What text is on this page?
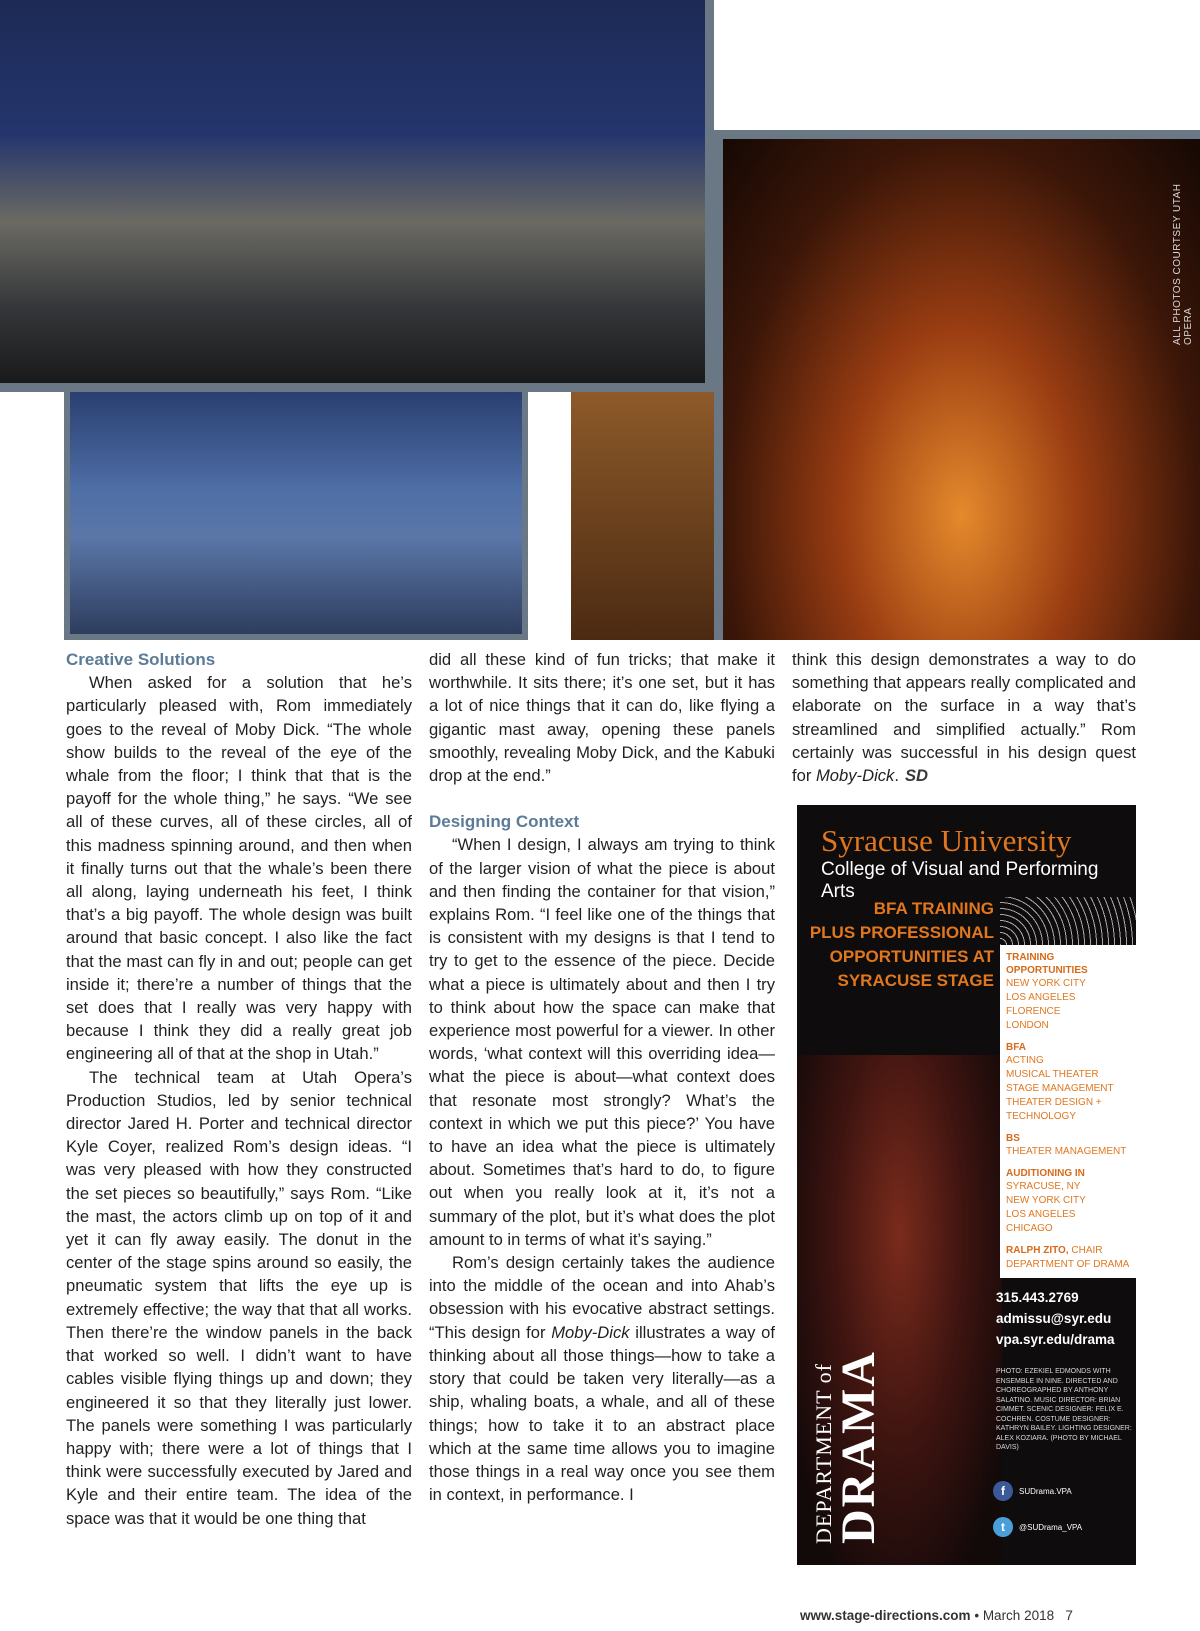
ALL PHOTOS COURTSEY UTAH OPERA
Creative Solutions

When asked for a solution that he’s particularly pleased with, Rom immediately goes to the reveal of Moby Dick. “The whole show builds to the reveal of the eye of the whale from the floor; I think that that is the payoff for the whole thing,” he says. “We see all of these curves, all of these circles, all of this madness spinning around, and then when it finally turns out that the whale’s been there all along, laying underneath his feet, I think that’s a big payoff. The whole design was built around that basic concept. I also like the fact that the mast can fly in and out; people can get inside it; there’re a number of things that the set does that I really was very happy with because I think they did a really great job engineering all of that at the shop in Utah.”

The technical team at Utah Opera’s Production Studios, led by senior technical director Jared H. Porter and technical director Kyle Coyer, realized Rom’s design ideas. “I was very pleased with how they constructed the set pieces so beautifully,” says Rom. “Like the mast, the actors climb up on top of it and yet it can fly away easily. The donut in the center of the stage spins around so easily, the pneumatic system that lifts the eye up is extremely effective; the way that that all works. Then there’re the window panels in the back that worked so well. I didn’t want to have cables visible flying things up and down; they engineered it so that they literally just lower. The panels were something I was particularly happy with; there were a lot of things that I think were successfully executed by Jared and Kyle and their entire team. The idea of the space was that it would be one thing that

did all these kind of fun tricks; that make it worthwhile. It sits there; it’s one set, but it has a lot of nice things that it can do, like flying a gigantic mast away, opening these panels smoothly, revealing Moby Dick, and the Kabuki drop at the end.”

Designing Context

“When I design, I always am trying to think of the larger vision of what the piece is about and then finding the container for that vision,” explains Rom. “I feel like one of the things that is consistent with my designs is that I tend to try to get to the essence of the piece. Decide what a piece is ultimately about and then I try to think about how the space can make that experience most powerful for a viewer. In other words, ‘what context will this overriding idea—what the piece is about—what context does that resonate most strongly? What’s the context in which we put this piece?’ You have to have an idea what the piece is ultimately about. Sometimes that’s hard to do, to figure out when you really look at it, it’s not a summary of the plot, but it’s what does the plot amount to in terms of what it’s saying.”

Rom’s design certainly takes the audience into the middle of the ocean and into Ahab’s obsession with his evocative abstract settings. “This design for Moby-Dick illustrates a way of thinking about all those things—how to take a story that could be taken very literally—as a ship, whaling boats, a whale, and all of these things; how to take it to an abstract place which at the same time allows you to imagine those things in a real way once you see them in context, in performance. I

think this design demonstrates a way to do something that appears really complicated and elaborate on the surface in a way that’s streamlined and simplified actually.” Rom certainly was successful in his design quest for Moby-Dick. SD

Syracuse University
College of Visual and Performing Arts
BFA TRAINING
PLUS PROFESSIONAL
OPPORTUNITIES AT
SYRACUSE STAGE
TRAINING OPPORTUNITIES
NEW YORK CITY
LOS ANGELES
FLORENCE
LONDON
BFA
ACTING
MUSICAL THEATER
STAGE MANAGEMENT
THEATER DESIGN + TECHNOLOGY
BS
THEATER MANAGEMENT
AUDITIONING IN
SYRACUSE, NY
NEW YORK CITY
LOS ANGELES
CHICAGO
RALPH ZITO, CHAIR
DEPARTMENT OF DRAMA
315.443.2769
admissu@syr.edu
vpa.syr.edu/drama
PHOTO: EZEKIEL EDMONDS WITH ENSEMBLE IN NINE. DIRECTED AND CHOREOGRAPHED BY ANTHONY SALATINO. MUSIC DIRECTOR: BRIAN CIMMET. SCENIC DESIGNER: FELIX E. COCHREN. COSTUME DESIGNER: KATHRYN BAILEY. LIGHTING DESIGNER: ALEX KOZIARA. (PHOTO BY MICHAEL DAVIS)
f	SUDrama.VPA
t	@SUDrama_VPA
DEPARTMENT of
DRAMA
www.stage-directions.com • March 2018 7
